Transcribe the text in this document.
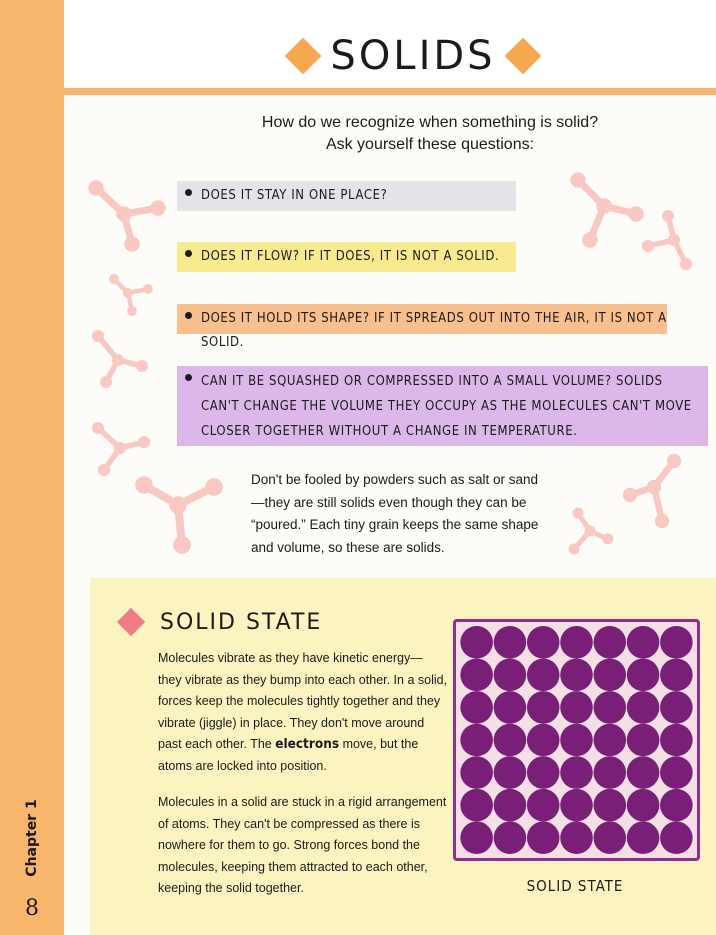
Chapter 1
8
SOLIDS
How do we recognize when something is solid?
Ask yourself these questions:
DOES IT STAY IN ONE PLACE?
DOES IT FLOW? IF IT DOES, IT IS NOT A SOLID.
DOES IT HOLD ITS SHAPE? IF IT SPREADS OUT INTO THE AIR, IT IS NOT A SOLID.
CAN IT BE SQUASHED OR COMPRESSED INTO A SMALL VOLUME? SOLIDS CAN'T CHANGE THE VOLUME THEY OCCUPY AS THE MOLECULES CAN'T MOVE CLOSER TOGETHER WITHOUT A CHANGE IN TEMPERATURE.
Don't be fooled by powders such as salt or sand—they are still solids even though they can be “poured.” Each tiny grain keeps the same shape and volume, so these are solids.
SOLID STATE
Molecules vibrate as they have kinetic energy— they vibrate as they bump into each other. In a solid, forces keep the molecules tightly together and they vibrate (jiggle) in place. They don't move around past each other. The electrons move, but the atoms are locked into position.
Molecules in a solid are stuck in a rigid arrangement of atoms. They can't be compressed as there is nowhere for them to go. Strong forces bond the molecules, keeping them attracted to each other, keeping the solid together.	SOLID STATE
